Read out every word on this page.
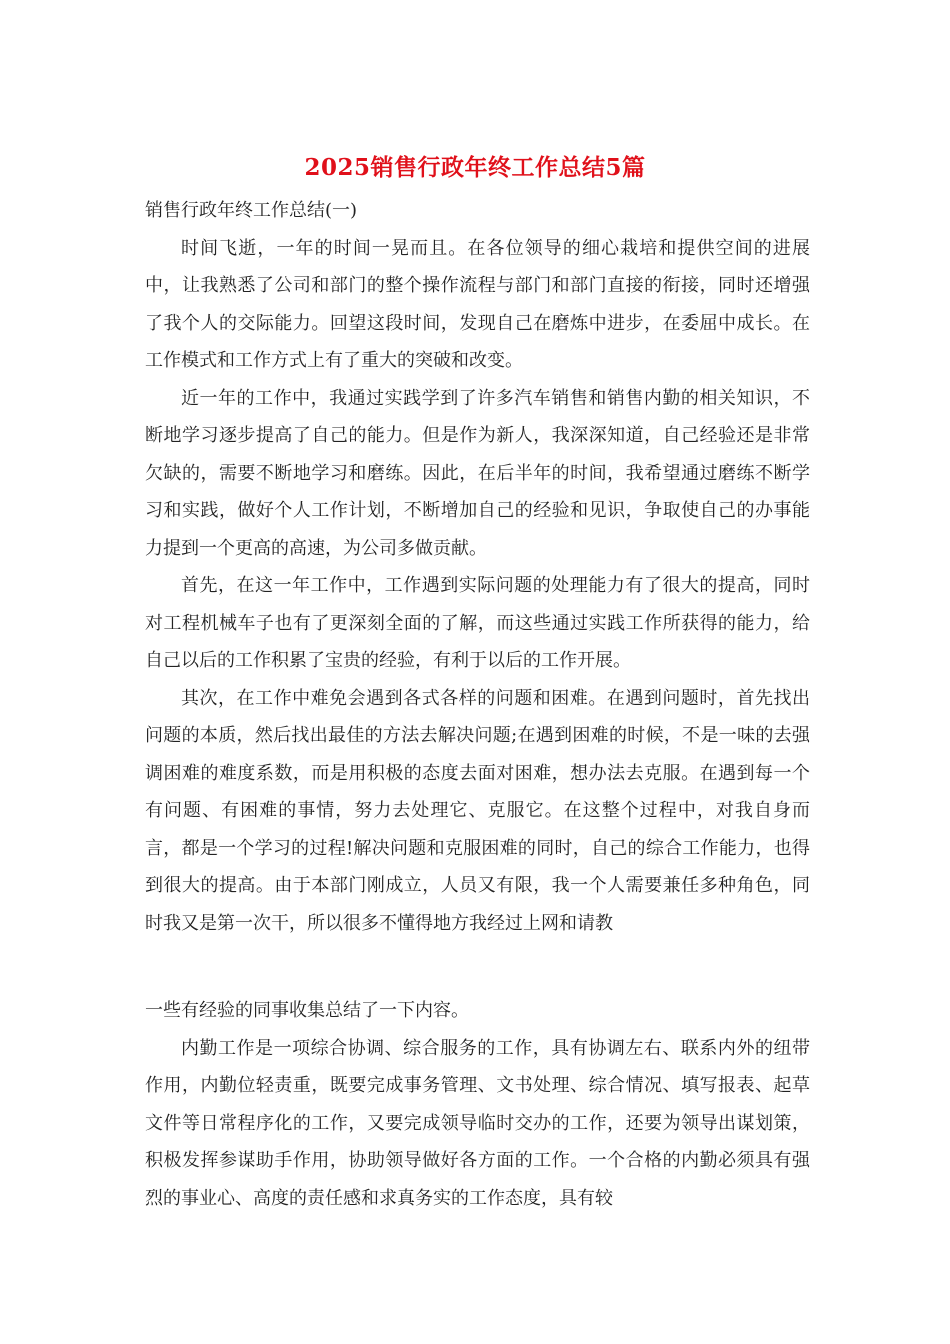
2025销售行政年终工作总结5篇

销售行政年终工作总结(一)

时间飞逝，一年的时间一晃而且。在各位领导的细心栽培和提供空间的进展中，让我熟悉了公司和部门的整个操作流程与部门和部门直接的衔接，同时还增强了我个人的交际能力。回望这段时间，发现自己在磨炼中进步，在委屈中成长。在工作模式和工作方式上有了重大的突破和改变。

近一年的工作中，我通过实践学到了许多汽车销售和销售内勤的相关知识，不断地学习逐步提高了自己的能力。但是作为新人，我深深知道，自己经验还是非常欠缺的，需要不断地学习和磨练。因此，在后半年的时间，我希望通过磨练不断学习和实践，做好个人工作计划，不断增加自己的经验和见识，争取使自己的办事能力提到一个更高的高速，为公司多做贡献。

首先，在这一年工作中，工作遇到实际问题的处理能力有了很大的提高，同时对工程机械车子也有了更深刻全面的了解，而这些通过实践工作所获得的能力，给自己以后的工作积累了宝贵的经验，有利于以后的工作开展。

其次，在工作中难免会遇到各式各样的问题和困难。在遇到问题时，首先找出问题的本质，然后找出最佳的方法去解决问题;在遇到困难的时候，不是一味的去强调困难的难度系数，而是用积极的态度去面对困难，想办法去克服。在遇到每一个有问题、有困难的事情，努力去处理它、克服它。在这整个过程中，对我自身而言，都是一个学习的过程!解决问题和克服困难的同时，自己的综合工作能力，也得到很大的提高。由于本部门刚成立，人员又有限，我一个人需要兼任多种角色，同时我又是第一次干，所以很多不懂得地方我经过上网和请教

一些有经验的同事收集总结了一下内容。

内勤工作是一项综合协调、综合服务的工作，具有协调左右、联系内外的纽带作用，内勤位轻责重，既要完成事务管理、文书处理、综合情况、填写报表、起草文件等日常程序化的工作，又要完成领导临时交办的工作，还要为领导出谋划策，积极发挥参谋助手作用，协助领导做好各方面的工作。一个合格的内勤必须具有强烈的事业心、高度的责任感和求真务实的工作态度，具有较
